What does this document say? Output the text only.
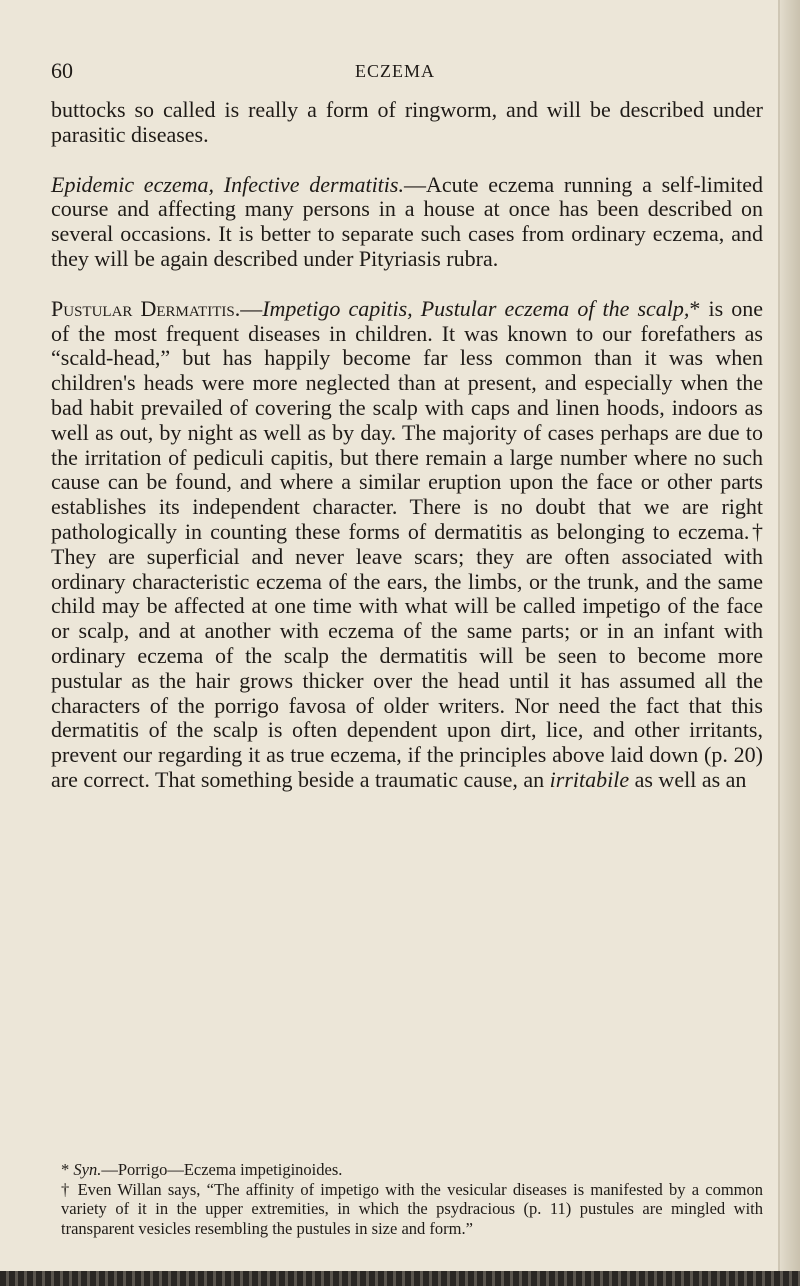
60	ECZEMA

buttocks so called is really a form of ringworm, and will be described under parasitic diseases.

Epidemic eczema, Infective dermatitis.—Acute eczema running a self-limited course and affecting many persons in a house at once has been described on several occasions. It is better to separate such cases from ordinary eczema, and they will be again described under Pityriasis rubra.

Pustular Dermatitis.—Impetigo capitis, Pustular eczema of the scalp,* is one of the most frequent diseases in children. It was known to our forefathers as “scald-head,” but has happily become far less common than it was when children's heads were more neglected than at present, and especially when the bad habit prevailed of covering the scalp with caps and linen hoods, indoors as well as out, by night as well as by day. The majority of cases perhaps are due to the irritation of pediculi capitis, but there remain a large number where no such cause can be found, and where a similar eruption upon the face or other parts establishes its independent character. There is no doubt that we are right pathologically in counting these forms of dermatitis as belonging to eczema.† They are superficial and never leave scars; they are often associated with ordinary characteristic eczema of the ears, the limbs, or the trunk, and the same child may be affected at one time with what will be called impetigo of the face or scalp, and at another with eczema of the same parts; or in an infant with ordinary eczema of the scalp the dermatitis will be seen to become more pustular as the hair grows thicker over the head until it has assumed all the characters of the porrigo favosa of older writers. Nor need the fact that this dermatitis of the scalp is often dependent upon dirt, lice, and other irritants, prevent our regarding it as true eczema, if the principles above laid down (p. 20) are correct. That something beside a traumatic cause, an irritabile as well as an

* Syn.—Porrigo—Eczema impetiginoides.

† Even Willan says, “The affinity of impetigo with the vesicular diseases is manifested by a common variety of it in the upper extremities, in which the psydracious (p. 11) pustules are mingled with transparent vesicles resembling the pustules in size and form.”
